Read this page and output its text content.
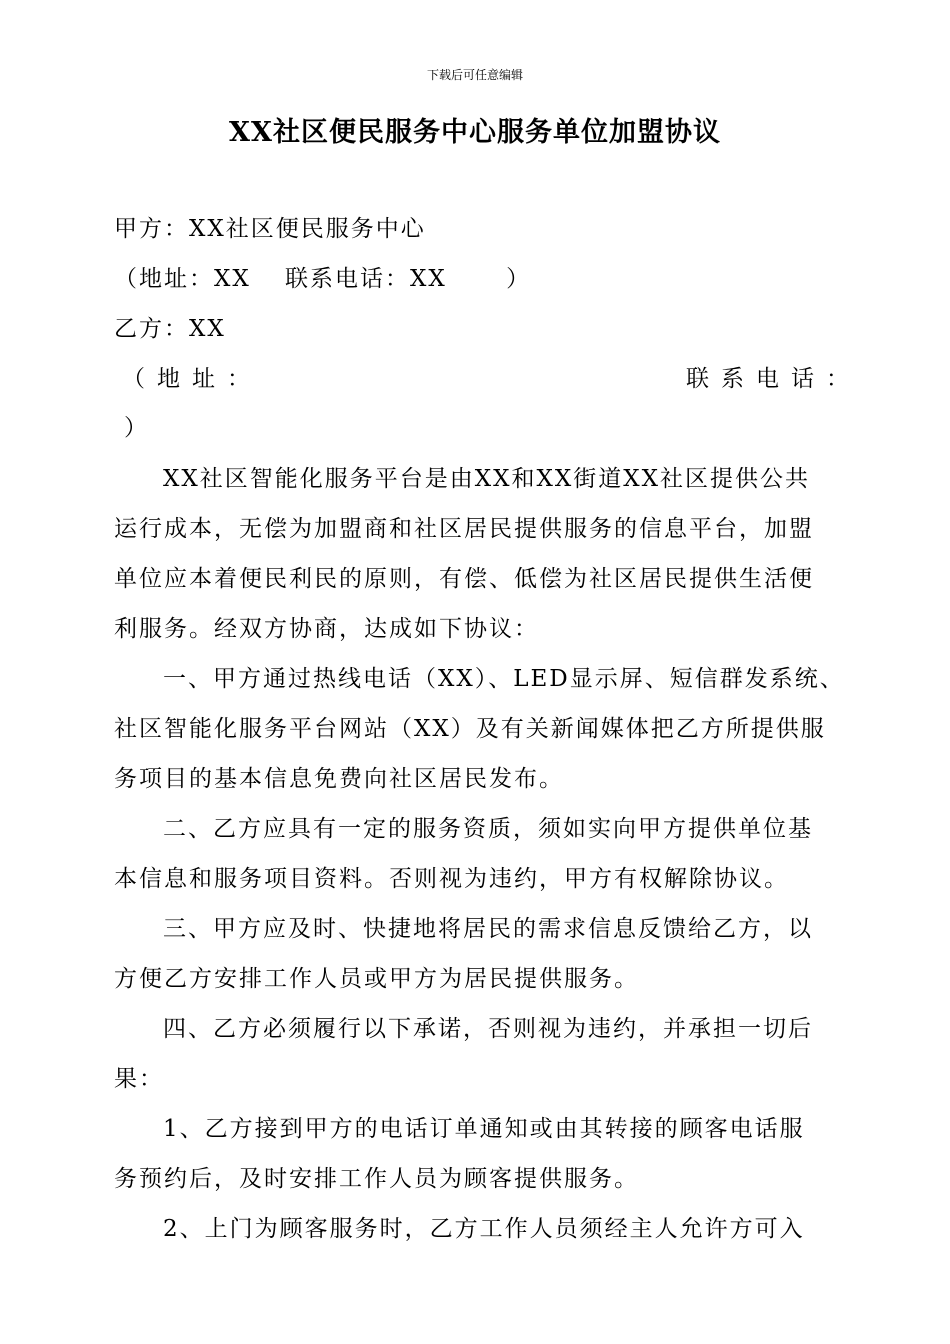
下载后可任意编辑
XX社区便民服务中心服务单位加盟协议
甲方：XX社区便民服务中心
（地址：XX　 联系电话：XX　　 ）
乙方：XX
（地址：	联系电话：
）
XX社区智能化服务平台是由XX和XX街道XX社区提供公共
运行成本，无偿为加盟商和社区居民提供服务的信息平台，加盟
单位应本着便民利民的原则，有偿、低偿为社区居民提供生活便
利服务。经双方协商，达成如下协议：
一、甲方通过热线电话（XX）、LED显示屏、短信群发系统、
社区智能化服务平台网站（XX）及有关新闻媒体把乙方所提供服
务项目的基本信息免费向社区居民发布。
二、乙方应具有一定的服务资质，须如实向甲方提供单位基
本信息和服务项目资料。否则视为违约，甲方有权解除协议。
三、甲方应及时、快捷地将居民的需求信息反馈给乙方，以
方便乙方安排工作人员或甲方为居民提供服务。
四、乙方必须履行以下承诺，否则视为违约，并承担一切后
果：
1、乙方接到甲方的电话订单通知或由其转接的顾客电话服
务预约后，及时安排工作人员为顾客提供服务。
2、上门为顾客服务时，乙方工作人员须经主人允许方可入
